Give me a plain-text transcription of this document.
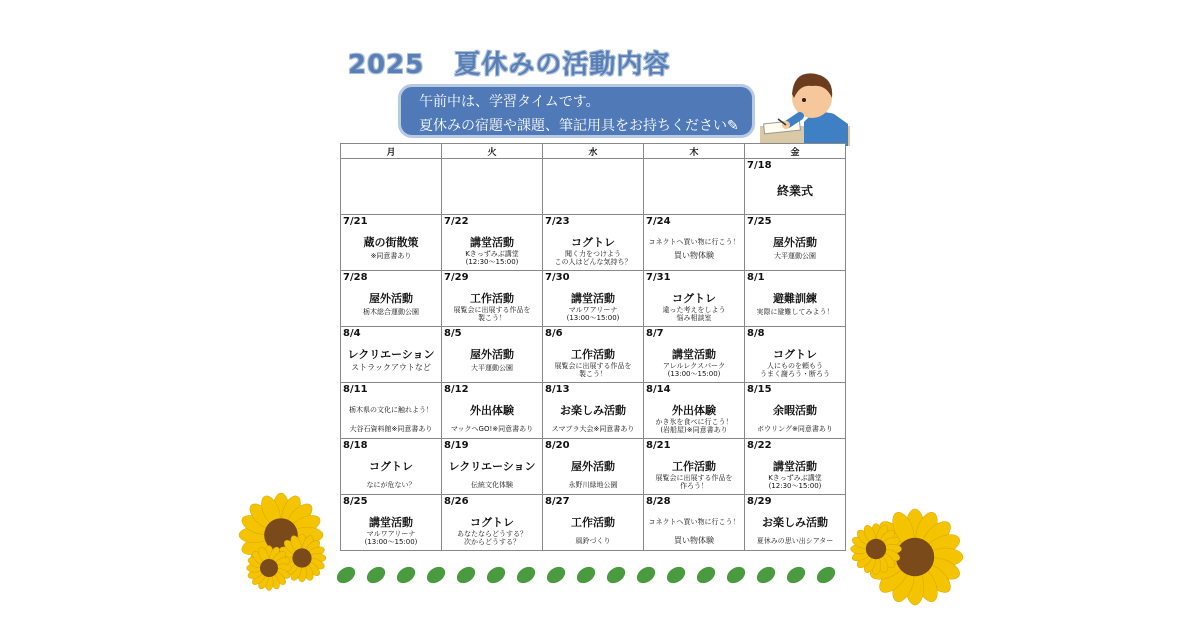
2025 夏休みの活動内容
午前中は、学習タイムです。
夏休みの宿題や課題、筆記用具をお持ちください✎
月	火	水	木	金

				7/18
終業式

7/21
蔵の街散策
※同意書あり	7/22
講堂活動
Kきっずみぶ講堂
(12:30～15:00)	7/23
コグトレ
聞く力をつけよう
この人はどんな気持ち？	7/24
コネクトへ買い物に行こう！
買い物体験	7/25
屋外活動
大平運動公園

7/28
屋外活動
栃木総合運動公園	7/29
工作活動
展覧会に出展する作品を
製こう！	7/30
講堂活動
マルワアリーナ
(13:00～15:00)	7/31
コグトレ
違った考えをしよう
悩み相談室	8/1
避難訓練
実際に避難してみよう！

8/4
レクリエーション
ストラックアウトなど	8/5
屋外活動
大平運動公園	8/6
工作活動
展覧会に出展する作品を
製こう！	8/7
講堂活動
アレルレクスパーク
(13:00～15:00)	8/8
コグトレ
人にものを頼もう
うまく謝ろう・断ろう

8/11
栃木県の文化に触れよう！
大谷石資料館※同意書あり	8/12
外出体験
マックへGO!※同意書あり	8/13
お楽しみ活動
スマブラ大会※同意書あり	8/14
外出体験
かき氷を食べに行こう！
(岩船屋)※同意書あり	8/15
余暇活動
ボウリング※同意書あり

8/18
コグトレ
なにが危ない？	8/19
レクリエーション
伝統文化体験	8/20
屋外活動
永野川緑地公園	8/21
工作活動
展覧会に出展する作品を
作ろう！	8/22
講堂活動
Kきっずみぶ講堂
(12:30～15:00)

8/25
講堂活動
マルワアリーナ
(13:00～15:00)	8/26
コグトレ
あなたならどうする？
次からどうする？	8/27
工作活動
風鈴づくり	8/28
コネクトへ買い物に行こう！
買い物体験	8/29
お楽しみ活動
夏休みの思い出シアター
